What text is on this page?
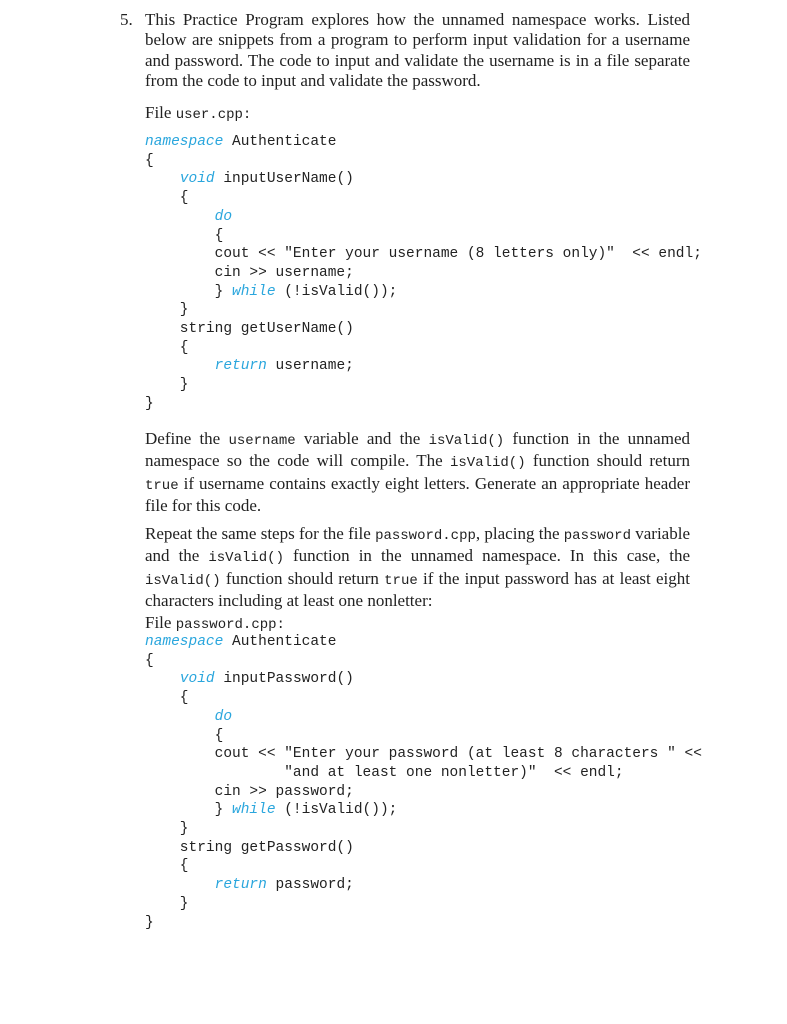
5. This Practice Program explores how the unnamed namespace works. Listed below are snippets from a program to perform input validation for a username and password. The code to input and validate the username is in a file separate from the code to input and validate the password.
File user.cpp:
namespace Authenticate
{
void inputUserName()
{
do
{
cout << "Enter your username (8 letters only)"  << endl;
cin >> username;
} while (!isValid());
}
string getUserName()
{
return username;
}
}
Define the username variable and the isValid() function in the unnamed namespace so the code will compile. The isValid() function should return true if username contains exactly eight letters. Generate an appropriate header file for this code.
Repeat the same steps for the file password.cpp, placing the password variable and the isValid() function in the unnamed namespace. In this case, the isValid() function should return true if the input password has at least eight characters including at least one nonletter:
File password.cpp:
namespace Authenticate
{
void inputPassword()
{
do
{
cout << "Enter your password (at least 8 characters " <<
"and at least one nonletter)"  << endl;
cin >> password;
} while (!isValid());
}
string getPassword()
{
return password;
}
}
